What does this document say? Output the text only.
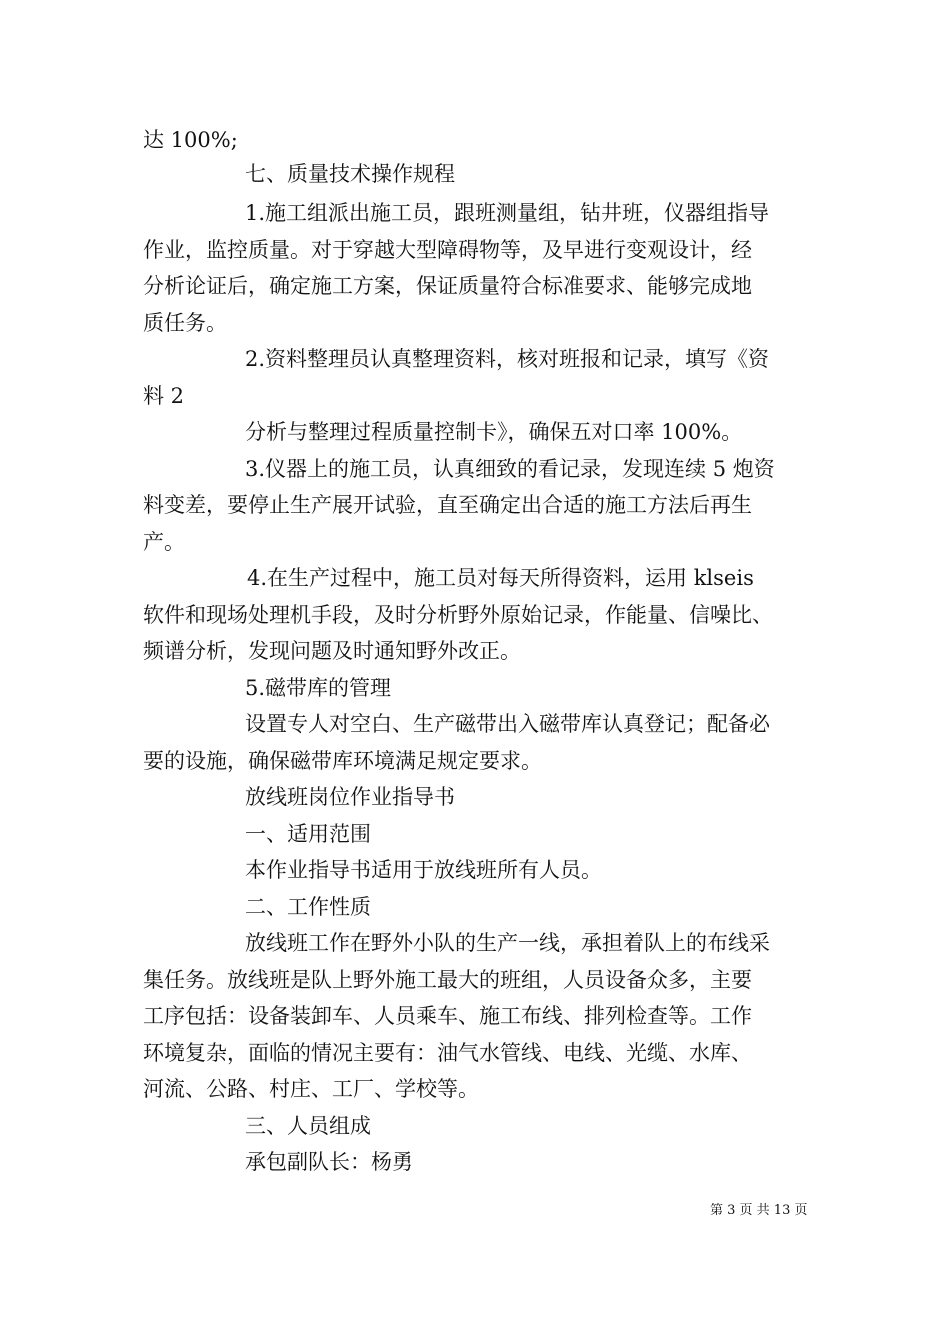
达 100%;
七、质量技术操作规程
1.施工组派出施工员，跟班测量组，钻井班，仪器组指导
作业，监控质量。对于穿越大型障碍物等，及早进行变观设计，经
分析论证后，确定施工方案，保证质量符合标准要求、能够完成地
质任务。
2.资料整理员认真整理资料，核对班报和记录，填写《资
料 2
分析与整理过程质量控制卡》，确保五对口率 100%。
3.仪器上的施工员，认真细致的看记录，发现连续 5 炮资
料变差，要停止生产展开试验，直至确定出合适的施工方法后再生
产。
4.在生产过程中，施工员对每天所得资料，运用 klseis
软件和现场处理机手段，及时分析野外原始记录，作能量、信噪比、
频谱分析，发现问题及时通知野外改正。
5.磁带库的管理
设置专人对空白、生产磁带出入磁带库认真登记；配备必
要的设施，确保磁带库环境满足规定要求。
放线班岗位作业指导书
一、适用范围
本作业指导书适用于放线班所有人员。
二、工作性质
放线班工作在野外小队的生产一线，承担着队上的布线采
集任务。放线班是队上野外施工最大的班组，人员设备众多，主要
工序包括：设备装卸车、人员乘车、施工布线、排列检查等。工作
环境复杂，面临的情况主要有：油气水管线、电线、光缆、水库、
河流、公路、村庄、工厂、学校等。
三、人员组成
承包副队长：杨勇
第 3 页 共 13 页
